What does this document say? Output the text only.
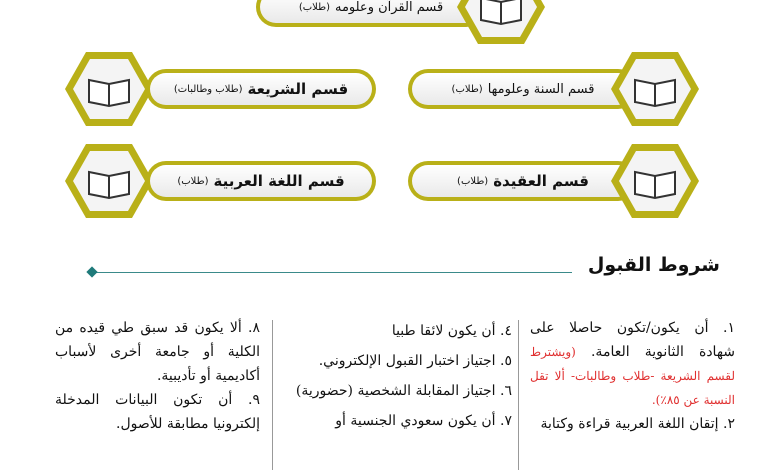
قسم القرآن وعلومه
(طلاب)
قسم الشريعة
(طلاب وطالبات)	قسم السنة وعلومها
(طلاب)
قسم اللغة العربية
(طلاب)	قسم العقيدة
(طلاب)
شروط القبول

١. أن يكون/تكون حاصلا على شهادة الثانوية العامة. (ويشترط لقسم الشريعة -طلاب وطالبات- ألا تقل النسبة عن ٨٥٪).

٢. إتقان اللغة العربية قراءة وكتابة

٤. أن يكون لائقا طبيا

٥. اجتياز اختبار القبول الإلكتروني.

٦. اجتياز المقابلة الشخصية (حضورية)

٧. أن يكون سعودي الجنسية أو

٨. ألا يكون قد سبق طي قيده من الكلية أو جامعة أخرى لأسباب أكاديمية أو تأديبية.

٩. أن تكون البيانات المدخلة إلكترونيا مطابقة للأصول.
